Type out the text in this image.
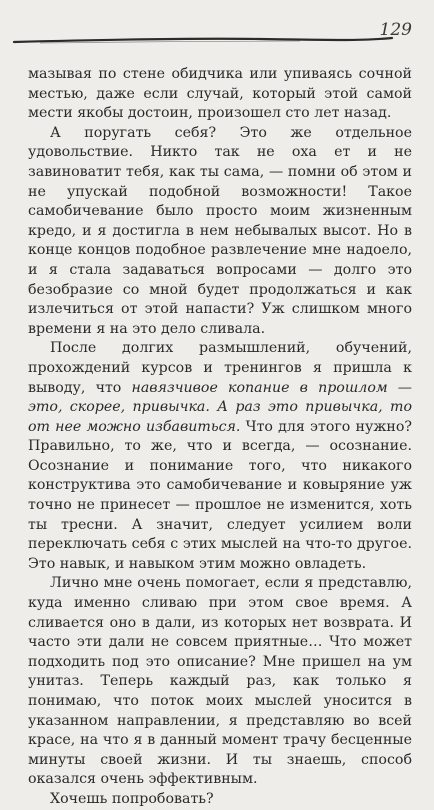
129

мазывая по стене обидчика или упиваясь сочной местью, даже если случай, который этой самой мести якобы достоин, произошел сто лет назад.

А поругать себя? Это же отдельное удовольствие. Никто так не оха ет и не завиноватит тебя, как ты сама, — помни об этом и не упускай подобной возможности! Такое самобичевание было просто моим жизненным кредо, и я достигла в нем небывалых высот. Но в конце концов подобное развлечение мне надоело, и я стала задаваться вопросами — долго это безобразие со мной будет продолжаться и как излечиться от этой напасти? Уж слишком много времени я на это дело сливала.

После долгих размышлений, обучений, прохождений курсов и тренингов я пришла к выводу, что навязчивое копание в прошлом — это, скорее, привычка. А раз это привычка, то от нее можно избавиться. Что для этого нужно? Правильно, то же, что и всегда, — осознание. Осознание и понимание того, что никакого конструктива это самобичевание и ковыряние уж точно не принесет — прошлое не изменится, хоть ты тресни. А значит, следует усилием воли переключать себя с этих мыслей на что-то другое. Это навык, и навыком этим можно овладеть.

Лично мне очень помогает, если я представлю, куда именно сливаю при этом свое время. А сливается оно в дали, из которых нет возврата. И часто эти дали не совсем приятные… Что может подходить под это описание? Мне пришел на ум унитаз. Теперь каждый раз, как только я понимаю, что поток моих мыслей уносится в указанном направлении, я представляю во всей красе, на что я в данный момент трачу бесценные минуты своей жизни. И ты знаешь, способ оказался очень эффективным.

Хочешь попробовать?
